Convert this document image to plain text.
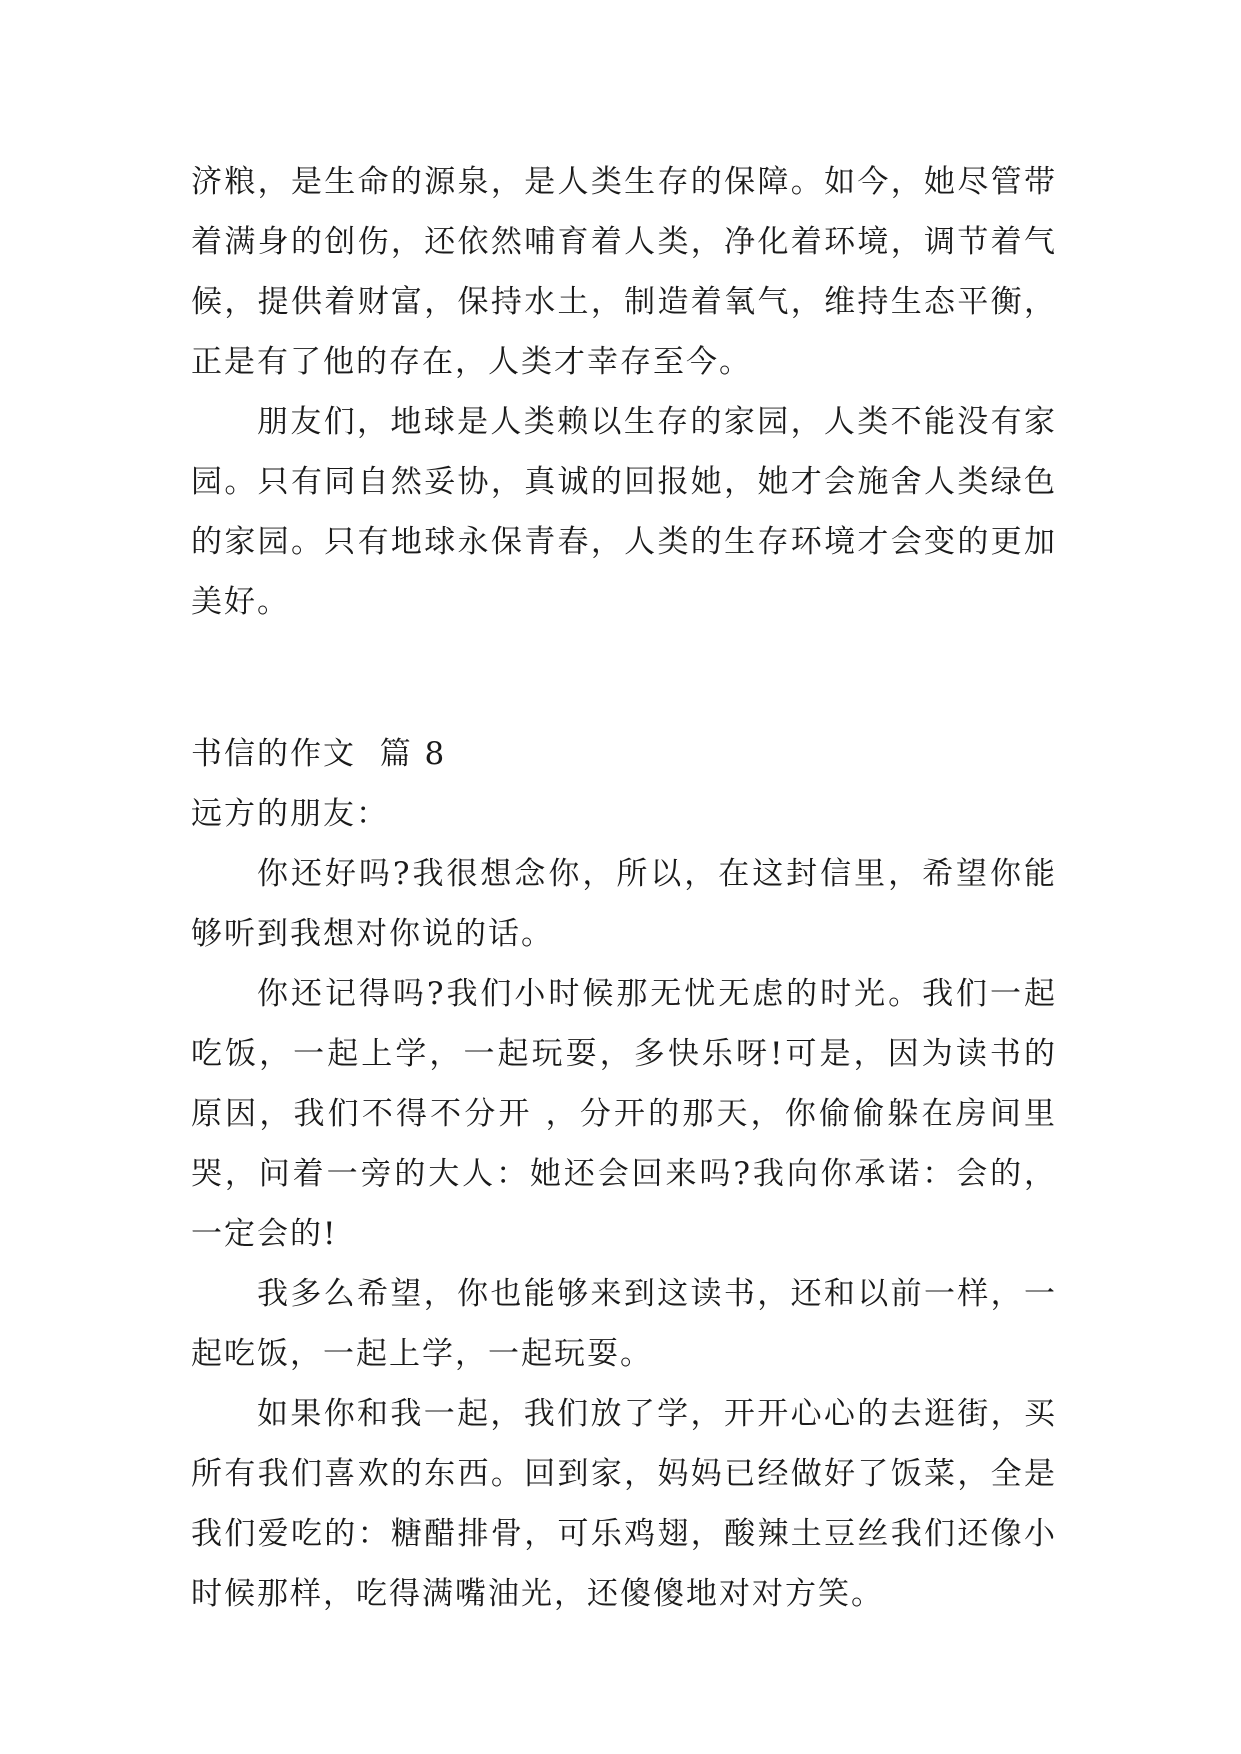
济粮，是生命的源泉，是人类生存的保障。如今，她尽管带着满身的创伤，还依然哺育着人类，净化着环境，调节着气候，提供着财富，保持水土，制造着氧气，维持生态平衡，正是有了他的存在，人类才幸存至今。

朋友们，地球是人类赖以生存的家园，人类不能没有家园。只有同自然妥协，真诚的回报她，她才会施舍人类绿色的家园。只有地球永保青春，人类的生存环境才会变的更加美好。

书信的作文  篇 8

远方的朋友：

你还好吗?我很想念你，所以，在这封信里，希望你能够听到我想对你说的话。

你还记得吗?我们小时候那无忧无虑的时光。我们一起吃饭，一起上学，一起玩耍，多快乐呀!可是，因为读书的原因，我们不得不分开 ，分开的那天，你偷偷躲在房间里哭，问着一旁的大人：她还会回来吗?我向你承诺：会的，一定会的!

我多么希望，你也能够来到这读书，还和以前一样，一起吃饭，一起上学，一起玩耍。

如果你和我一起，我们放了学，开开心心的去逛街，买所有我们喜欢的东西。回到家，妈妈已经做好了饭菜，全是我们爱吃的：糖醋排骨，可乐鸡翅，酸辣土豆丝我们还像小时候那样，吃得满嘴油光，还傻傻地对对方笑。
